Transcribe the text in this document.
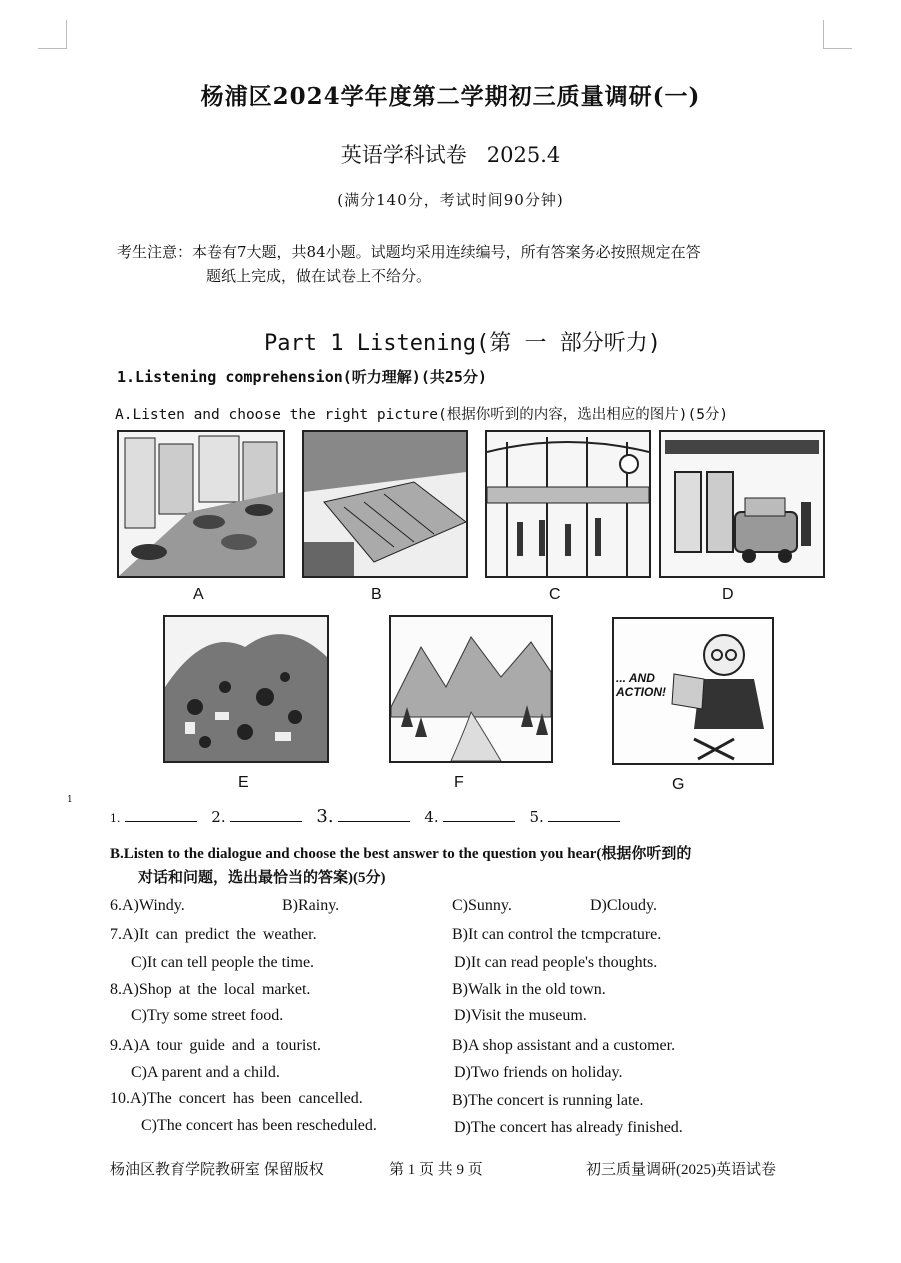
杨浦区2024学年度第二学期初三质量调研(一)
英语学科试卷   2025.4
(满分140分，考试时间90分钟)
考生注意：本卷有7大题，共84小题。试题均采用连续编号，所有答案务必按照规定在答
题纸上完成，做在试卷上不给分。
Part 1 Listening(第 一 部分听力)
1.Listening comprehension(听力理解)(共25分)
A.Listen and choose the right picture(根据你听到的内容，选出相应的图片)(5分)
A	B	C	D
... AND ACTION!
E	F	G
1
1.	2.	3.	4.	5.
B.Listen to the dialogue and choose the best answer to the question you hear(根据你听到的
对话和问题，选出最恰当的答案)(5分)
6.A)Windy.	B)Rainy.	C)Sunny.	D)Cloudy.
7.A)It can predict the weather.	B)It can control the tcmpcrature.
C)It can tell people the time.	D)It can read people's thoughts.
8.A)Shop at the local market.	B)Walk in the old town.
C)Try some street food.	D)Visit the museum.
9.A)A tour guide and a tourist.	B)A shop assistant and a customer.
C)A parent and a child.	D)Two friends on holiday.
10.A)The concert has been cancelled.	B)The concert is running late.
C)The concert has been rescheduled.	D)The concert has already finished.
杨油区教育学院教研室 保留版权	第 1 页 共 9 页	初三质量调研(2025)英语试卷
